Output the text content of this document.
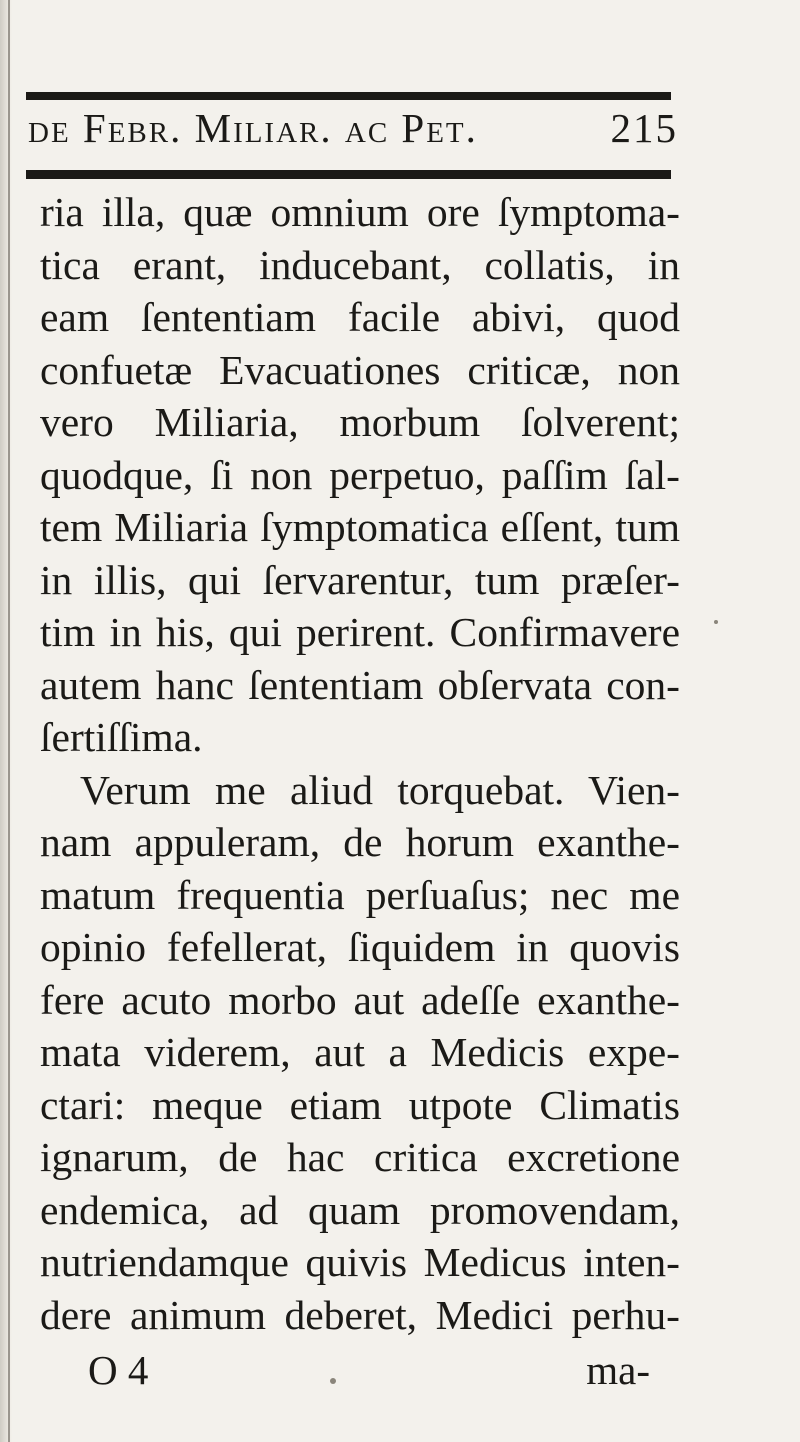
de Febr. Miliar. ac Pet.	215
ria illa, quæ omnium ore ſymptoma-
tica erant, inducebant, collatis, in
eam ſententiam facile abivi, quod
confuetæ Evacuationes criticæ, non
vero Miliaria, morbum ſolverent;
quodque, ſi non perpetuo, paſſim ſal-
tem Miliaria ſymptomatica eſſent, tum
in illis, qui ſervarentur, tum præſer-
tim in his, qui perirent. Confirmavere
autem hanc ſententiam obſervata con-
ſertiſſima.
Verum me aliud torquebat. Vien-
nam appuleram, de horum exanthe-
matum frequentia perſuaſus; nec me
opinio fefellerat, ſiquidem in quovis
fere acuto morbo aut adeſſe exanthe-
mata viderem, aut a Medicis expe-
ctari: meque etiam utpote Climatis
ignarum, de hac critica excretione
endemica, ad quam promovendam,
nutriendamque quivis Medicus inten-
dere animum deberet, Medici perhu-
O 4	ma-
